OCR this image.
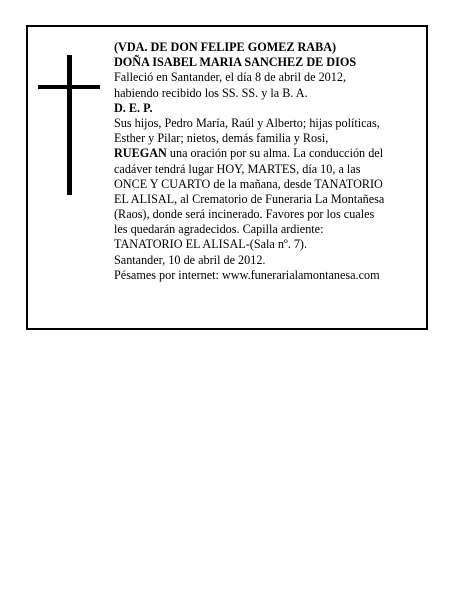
(VDA. DE DON FELIPE GOMEZ RABA)
DOÑA ISABEL MARIA SANCHEZ DE DIOS
Falleció en Santander, el día 8 de abril de 2012,
habiendo recibido los SS. SS. y la B. A.
D. E. P.
Sus hijos, Pedro María, Raúl y Alberto; hijas políticas,
Esther y Pilar; nietos, demás familia y Rosi,
RUEGAN una oración por su alma. La conducción del
cadáver tendrá lugar HOY, MARTES, día 10, a las
ONCE Y CUARTO de la mañana, desde TANATORIO
EL ALISAL, al Crematorio de Funeraria La Montañesa
(Raos), donde será incinerado. Favores por los cuales
les quedarán agradecidos. Capilla ardiente:
TANATORIO EL ALISAL-(Sala nº. 7).
Santander, 10 de abril de 2012.
Pésames por internet: www.funerarialamontanesa.com
